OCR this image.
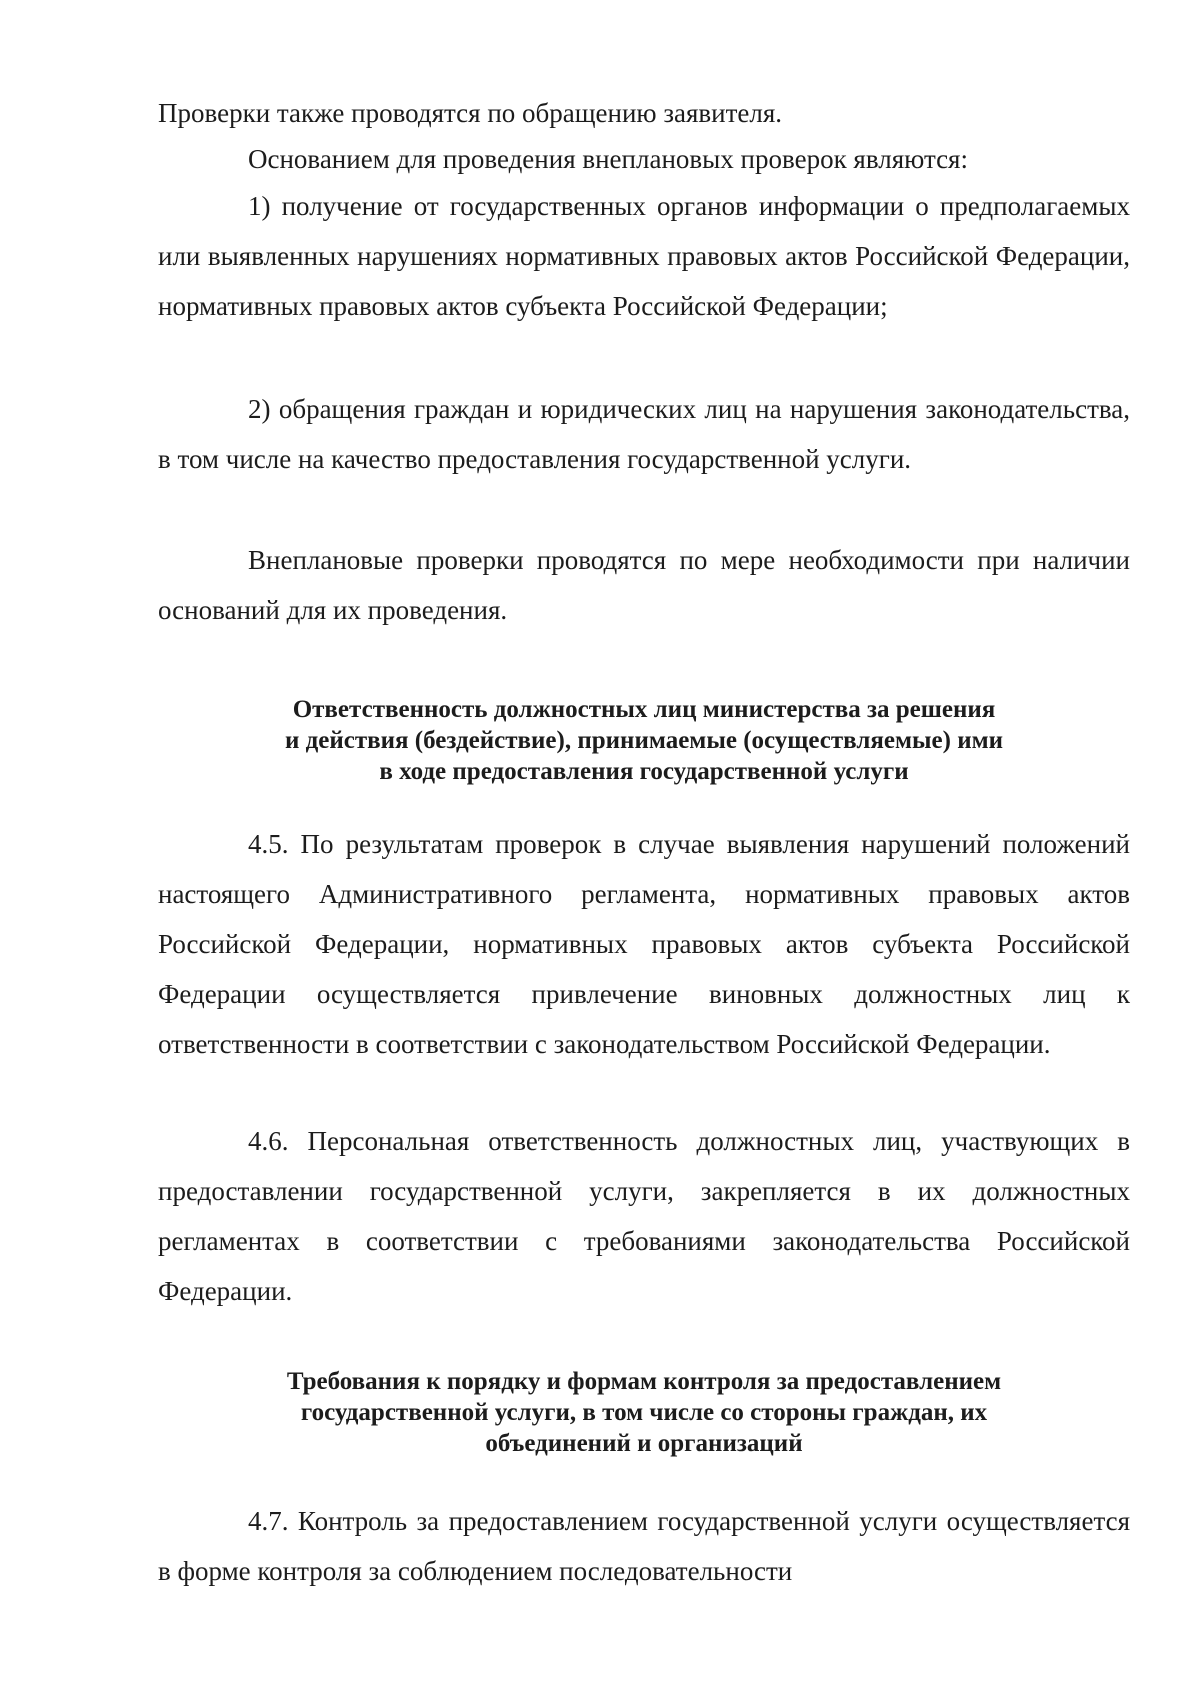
Проверки также проводятся по обращению заявителя.

Основанием для проведения внеплановых проверок являются:

1) получение от государственных органов информации о предполагаемых или выявленных нарушениях нормативных правовых актов Российской Федерации, нормативных правовых актов субъекта Российской Федерации;

2) обращения граждан и юридических лиц на нарушения законодательства, в том числе на качество предоставления государственной услуги.

Внеплановые проверки проводятся по мере необходимости при наличии оснований для их проведения.

Ответственность должностных лиц министерства за решения
и действия (бездействие), принимаемые (осуществляемые) ими
в ходе предоставления государственной услуги

4.5. По результатам проверок в случае выявления нарушений положений настоящего Административного регламента, нормативных правовых актов Российской Федерации, нормативных правовых актов субъекта Российской Федерации осуществляется привлечение виновных должностных лиц к ответственности в соответствии с законодательством Российской Федерации.

4.6. Персональная ответственность должностных лиц, участвующих в предоставлении государственной услуги, закрепляется в их должностных регламентах в соответствии с требованиями законодательства Российской Федерации.

Требования к порядку и формам контроля за предоставлением
государственной услуги, в том числе со стороны граждан, их
объединений и организаций

4.7. Контроль за предоставлением государственной услуги осуществляется в форме контроля за соблюдением последовательности
